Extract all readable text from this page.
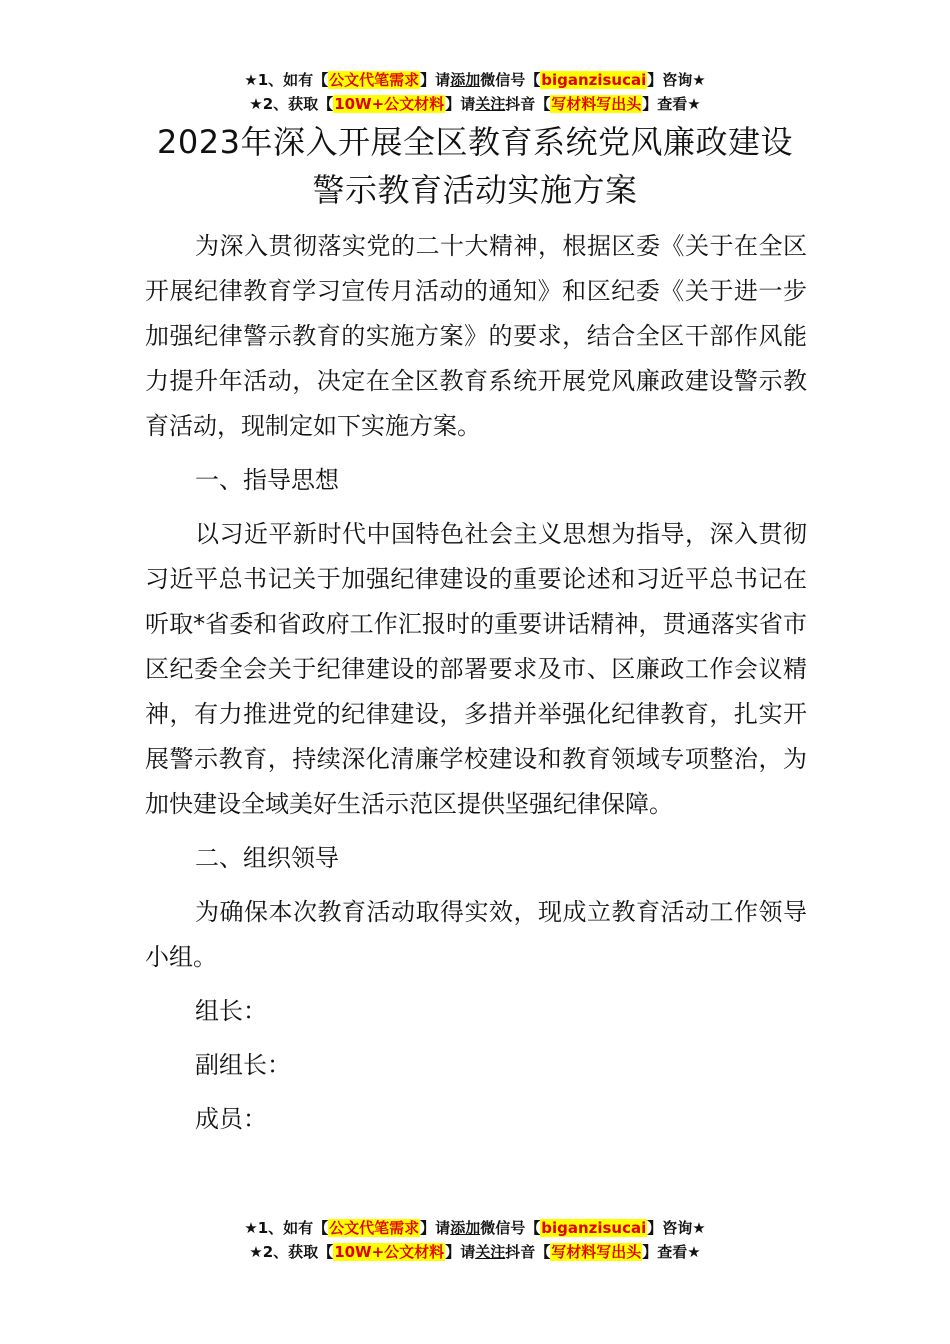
★1、如有【公文代笔需求】请添加微信号【biganzisucai】咨询★
★2、获取【10W+公文材料】请关注抖音【写材料写出头】查看★
2023年深入开展全区教育系统党风廉政建设
警示教育活动实施方案

为深入贯彻落实党的二十大精神，根据区委《关于在全区开展纪律教育学习宣传月活动的通知》和区纪委《关于进一步加强纪律警示教育的实施方案》的要求，结合全区干部作风能力提升年活动，决定在全区教育系统开展党风廉政建设警示教育活动，现制定如下实施方案。

一、指导思想

以习近平新时代中国特色社会主义思想为指导，深入贯彻习近平总书记关于加强纪律建设的重要论述和习近平总书记在听取*省委和省政府工作汇报时的重要讲话精神，贯通落实省市区纪委全会关于纪律建设的部署要求及市、区廉政工作会议精神，有力推进党的纪律建设，多措并举强化纪律教育，扎实开展警示教育，持续深化清廉学校建设和教育领域专项整治，为加快建设全域美好生活示范区提供坚强纪律保障。

二、组织领导

为确保本次教育活动取得实效，现成立教育活动工作领导小组。

组长：

副组长：

成员：

★1、如有【公文代笔需求】请添加微信号【biganzisucai】咨询★
★2、获取【10W+公文材料】请关注抖音【写材料写出头】查看★
